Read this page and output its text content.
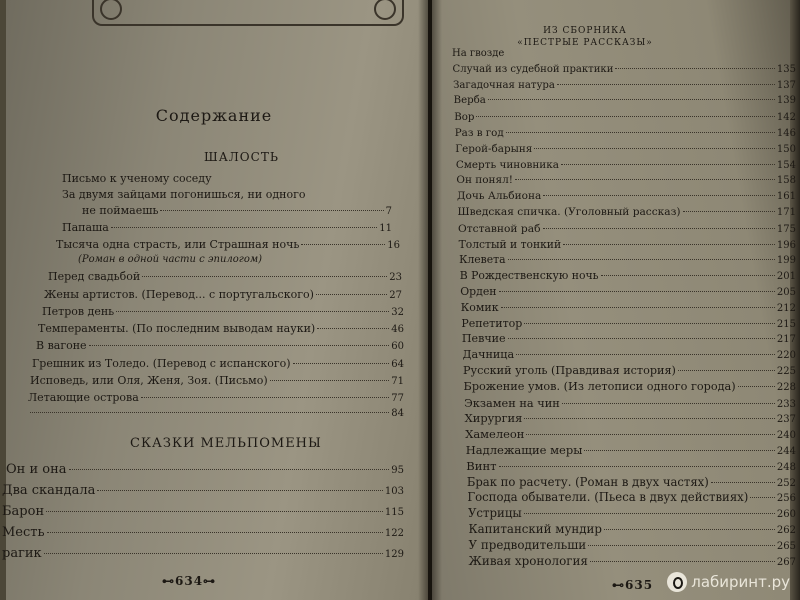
Содержание
ШАЛОСТЬ
Письмо к ученому соседу
За двумя зайцами погонишься, ни одного
не поймаешь	7
Папаша	11
Тысяча одна страсть, или Страшная ночь	16
(Роман в одной части с эпилогом)
Перед свадьбой	23
Жены артистов. (Перевод... с португальского)	27
Петров день	32
Темпераменты. (По последним выводам науки)	46
В вагоне	60
Грешник из Толедо. (Перевод с испанского)	64
Исповедь, или Оля, Женя, Зоя. (Письмо)	71
Летающие острова	77
84
СКАЗКИ МЕЛЬПОМЕНЫ
Он и она	95
Два скандала	103
Барон	115
Месть	122
рагик	129
⊷634⊶
ИЗ СБОРНИКА
«ПЕСТРЫЕ РАССКАЗЫ»
На гвозде
Случай из судебной практики	135
Загадочная натура	137
Верба	139
Вор	142
Раз в год	146
Герой-барыня	150
Смерть чиновника	154
Он понял!	158
Дочь Альбиона	161
Шведская спичка. (Уголовный рассказ)	171
Отставной раб	175
Толстый и тонкий	196
Клевета	199
В Рождественскую ночь	201
Орден	205
Комик	212
Репетитор	215
Певчие	217
Дачница	220
Русский уголь (Правдивая история)	225
Брожение умов. (Из летописи одного города)	228
Экзамен на чин	233
Хирургия	237
Хамелеон	240
Надлежащие меры	244
Винт	248
Брак по расчету. (Роман в двух частях)	252
Господа обыватели. (Пьеса в двух действиях)	256
Устрицы	260
Капитанский мундир	262
У предводительши	265
Живая хронология	267
⊷635	лабиринт.ру
